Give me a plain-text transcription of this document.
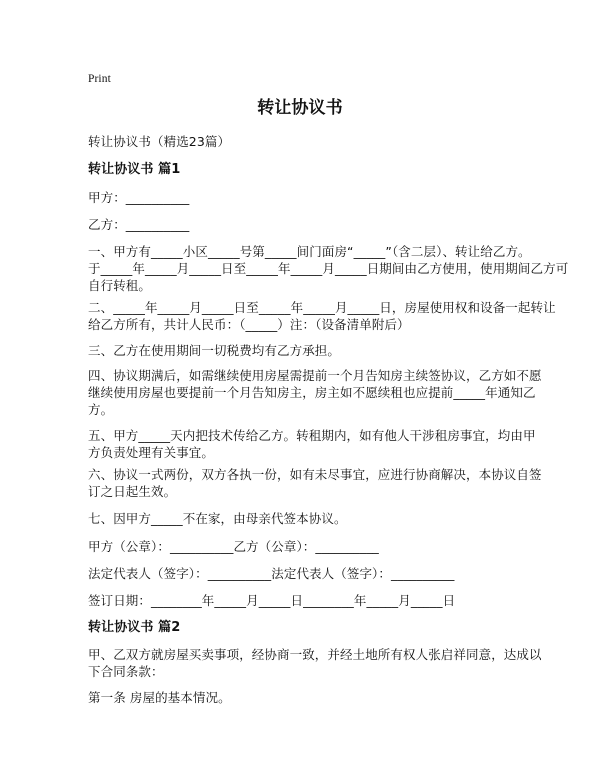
Print
转让协议书
转让协议书（精选23篇）
转让协议书 篇1
甲方：__________
乙方：__________
一、甲方有_____小区_____号第_____间门面房“_____”（含二层）、转让给乙方。
于_____年_____月_____日至_____年_____月_____日期间由乙方使用，使用期间乙方可
自行转租。
二、_____年_____月_____日至_____年_____月_____日，房屋使用权和设备一起转让
给乙方所有，共计人民币：（_____）注：（设备清单附后）
三、乙方在使用期间一切税费均有乙方承担。
四、协议期满后，如需继续使用房屋需提前一个月告知房主续签协议，乙方如不愿
继续使用房屋也要提前一个月告知房主，房主如不愿续租也应提前_____年通知乙
方。
五、甲方_____天内把技术传给乙方。转租期内，如有他人干涉租房事宜，均由甲
方负责处理有关事宜。
六、协议一式两份，双方各执一份，如有未尽事宜，应进行协商解决，本协议自签
订之日起生效。
七、因甲方_____不在家，由母亲代签本协议。
甲方（公章）：__________乙方（公章）：__________
法定代表人（签字）：__________法定代表人（签字）：__________
签订日期：________年_____月_____日________年_____月_____日
转让协议书 篇2
甲、乙双方就房屋买卖事项，经协商一致，并经土地所有权人张启祥同意，达成以
下合同条款：
第一条 房屋的基本情况。
